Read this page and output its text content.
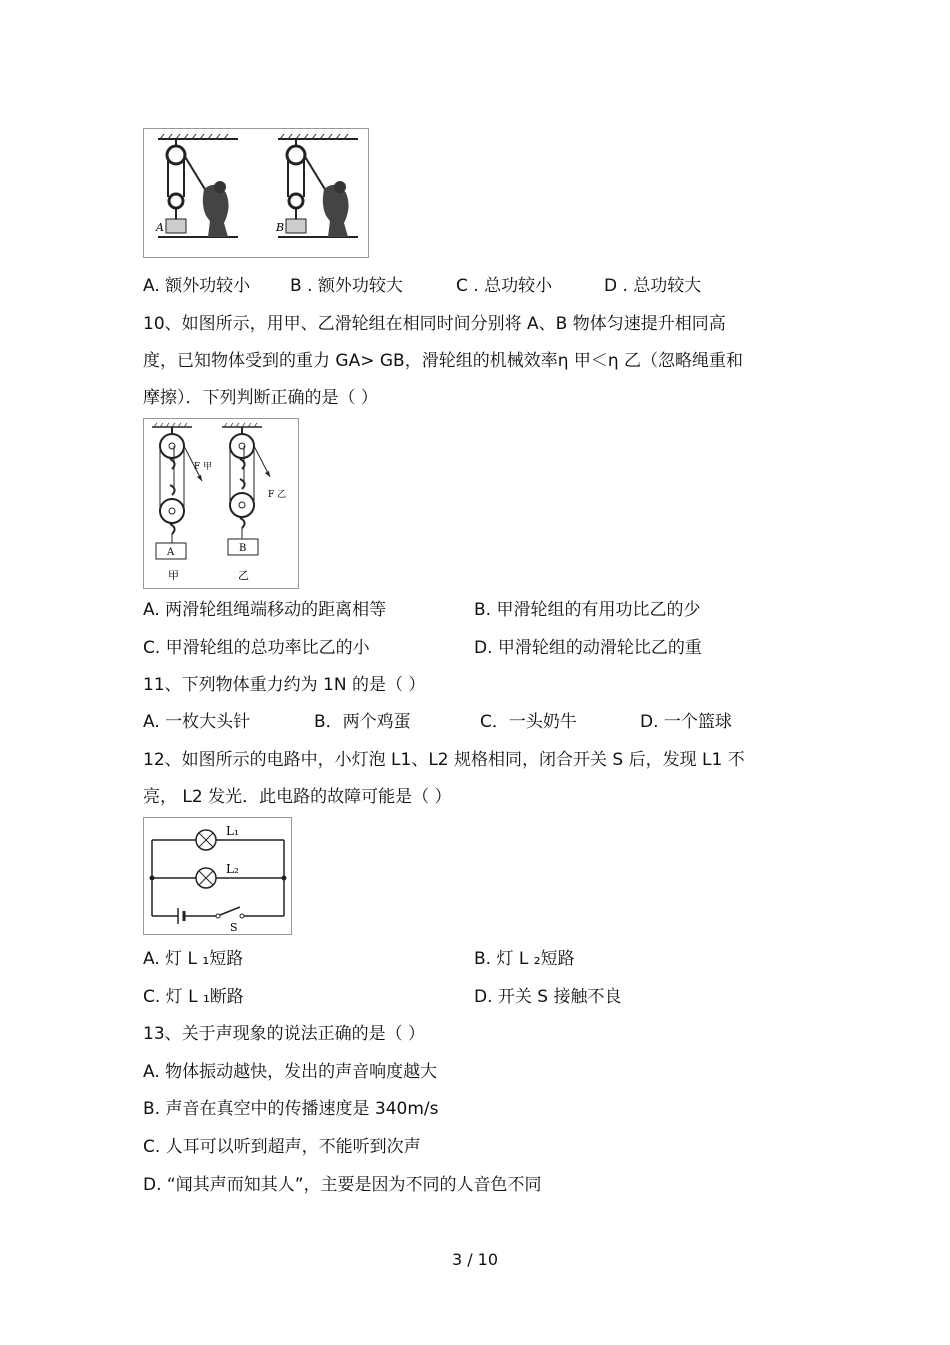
A	B
A. 额外功较小 B . 额外功较大	C . 总功较小	D . 总功较大
10、如图所示，用甲、乙滑轮组在相同时间分别将 A、B 物体匀速提升相同高
度，已知物体受到的重力 GA> GB，滑轮组的机械效率η 甲＜η 乙（忽略绳重和
摩擦）．下列判断正确的是（ ）
A
F 甲
甲
B
F 乙
乙
A. 两滑轮组绳端移动的距离相等	B. 甲滑轮组的有用功比乙的少
C. 甲滑轮组的总功率比乙的小	D. 甲滑轮组的动滑轮比乙的重
11、下列物体重力约为 1N 的是（ ）
A. 一枚大头针	B．两个鸡蛋	C．一头奶牛	D. 一个篮球
12、如图所示的电路中，小灯泡 L1、L2 规格相同，闭合开关 S 后，发现 L1 不
亮， L2 发光．此电路的故障可能是（ ）
L₁
L₂
S
A. 灯 L ₁短路	B. 灯 L ₂短路
C. 灯 L ₁断路	D. 开关 S 接触不良
13、关于声现象的说法正确的是（ ）
A. 物体振动越快，发出的声音响度越大
B. 声音在真空中的传播速度是 340m/s
C. 人耳可以听到超声，不能听到次声
D. “闻其声而知其人”，主要是因为不同的人音色不同
3 / 10
